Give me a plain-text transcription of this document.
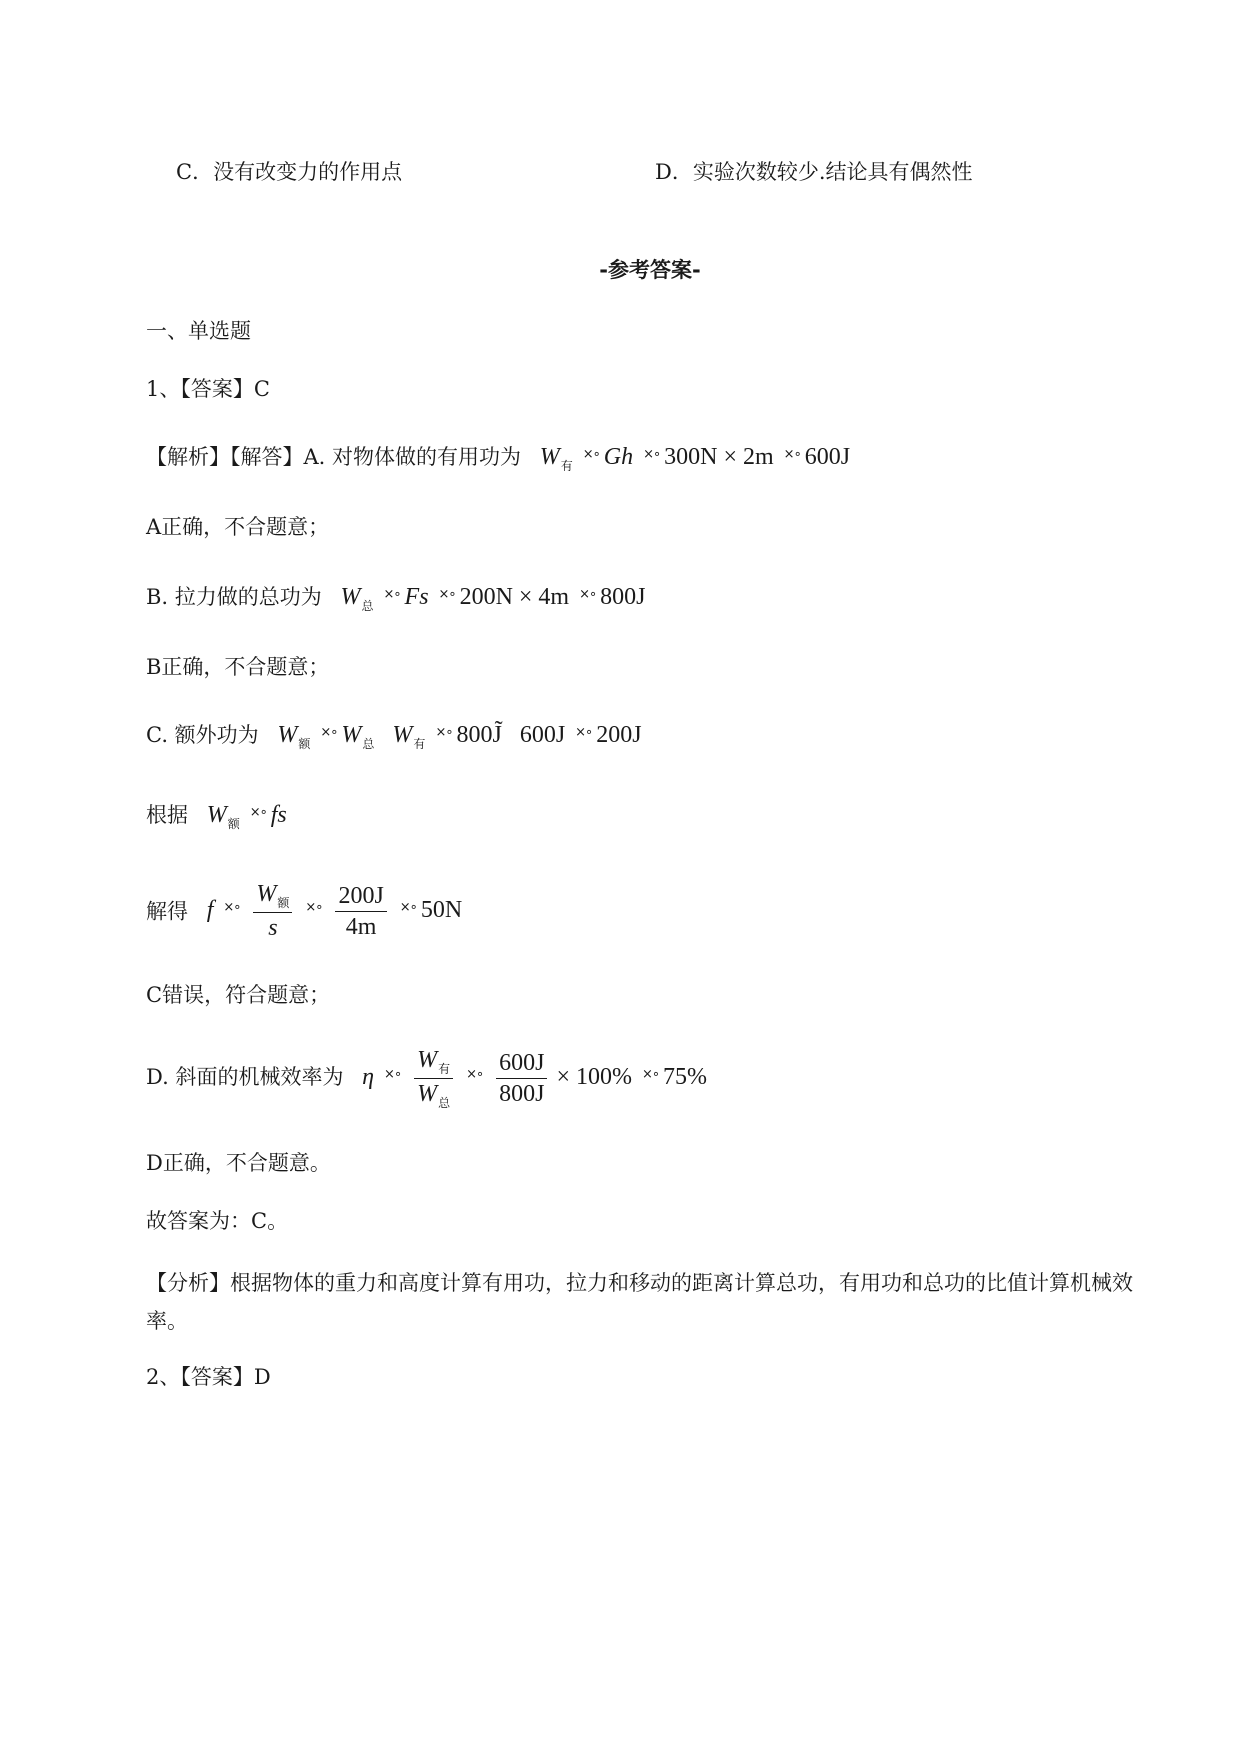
C．没有改变力的作用点	D．实验次数较少.结论具有偶然性
-参考答案-
一、单选题
1、【答案】C
【解析】【解答】A. 对物体做的有用功为 $W_有$ ×∘ Gh ×∘ 300N × 2m ×∘ 600J
A正确，不合题意；
B. 拉力做的总功为 $W_总$ ×∘ Fs ×∘ 200N × 4m ×∘ 800J
B正确，不合题意；
C. 额外功为 $W_额$ ×∘ $W_总$ $W_有$ ×∘ 800J̃ 600J ×∘ 200J
根据 $W_额$ ×∘ fs
解得 f $^{\times\circ} \frac{W_额}{s} ^{\times\circ} \frac{200J}{4m} ^{\times\circ}$ 50N
C错误，符合题意；
D. 斜面的机械效率为 η $^{\times\circ} \frac{W_有}{W_总} ^{\times\circ} \frac{600J}{800J} \times 100\%$ ×∘ 75%
D正确，不合题意。
故答案为：C。
【分析】根据物体的重力和高度计算有用功，拉力和移动的距离计算总功，有用功和总功的比值计算机械效率。
2、【答案】D
